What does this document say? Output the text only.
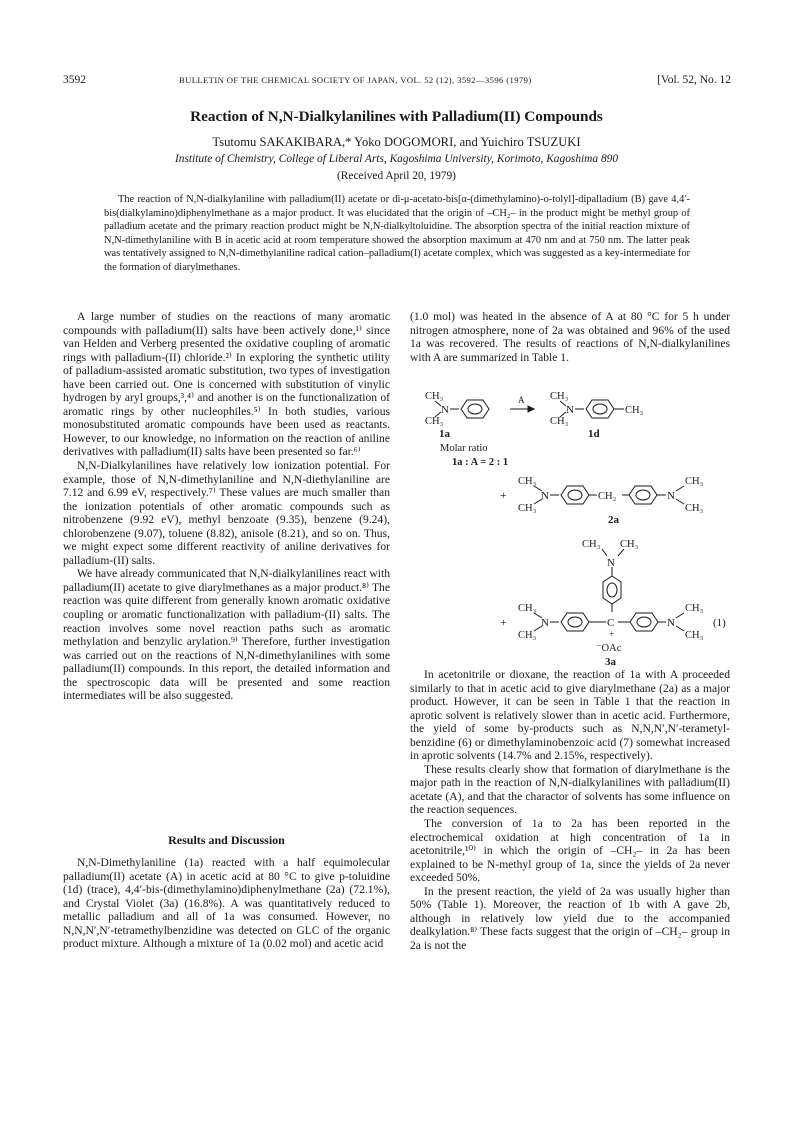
3592	BULLETIN OF THE CHEMICAL SOCIETY OF JAPAN, VOL. 52 (12), 3592—3596 (1979)	[Vol. 52, No. 12
Reaction of N,N-Dialkylanilines with Palladium(II) Compounds
Tsutomu SAKAKIBARA,* Yoko DOGOMORI, and Yuichiro TSUZUKI
Institute of Chemistry, College of Liberal Arts, Kagoshima University, Korimoto, Kagoshima 890
(Received April 20, 1979)
The reaction of N,N-dialkylaniline with palladium(II) acetate or di-μ-acetato-bis[α-(dimethylamino)-o-tolyl]-dipalladium (B) gave 4,4′-bis(dialkylamino)diphenylmethane as a major product. It was elucidated that the origin of –CH₂– in the product might be methyl group of palladium acetate and the primary reaction product might be N,N-dialkyltoluidine. The absorption spectra of the initial reaction mixture of N,N-dimethylaniline with B in acetic acid at room temperature showed the absorption maximum at 470 nm and at 750 nm. The latter peak was tentatively assigned to N,N-dimethylaniline radical cation–palladium(I) acetate complex, which was suggested as a key-intermediate for the formation of diarylmethanes.

A large number of studies on the reactions of many aromatic compounds with palladium(II) salts have been actively done,¹⁾ since van Helden and Verberg presented the oxidative coupling of aromatic rings with palladium-(II) chloride.²⁾ In exploring the synthetic utility of palladium-assisted aromatic substitution, two types of investigation have been carried out. One is concerned with substitution of vinylic hydrogen by aryl groups,³,⁴⁾ and another is on the functionalization of aromatic rings by other nucleophiles.⁵⁾ In both studies, various monosubstituted aromatic compounds have been used as reactants. However, to our knowledge, no information on the reaction of aniline derivatives with palladium(II) salts have been presented so far.⁶⁾

N,N-Dialkylanilines have relatively low ionization potential. For example, those of N,N-dimethylaniline and N,N-diethylaniline are 7.12 and 6.99 eV, respectively.⁷⁾ These values are much smaller than the ionization potentials of other aromatic compounds such as nitrobenzene (9.92 eV), methyl benzoate (9.35), benzene (9.24), chlorobenzene (9.07), toluene (8.82), anisole (8.21), and so on. Thus, we might expect some different reactivity of aniline derivatives for palladium-(II) salts.

We have already communicated that N,N-dialkylanilines react with palladium(II) acetate to give diarylmethanes as a major product.⁸⁾ The reaction was quite different from generally known aromatic oxidative coupling or aromatic functionalization with palladium-(II) salts. The reaction involves some novel reaction paths such as aromatic methylation and benzylic arylation.⁹⁾ Therefore, further investigation was carried out on the reactions of N,N-dimethylanilines with some palladium(II) compounds. In this report, the detailed information and the spectroscopic data will be presented and some reaction intermediates will be also suggested.

Results and Discussion

N,N-Dimethylaniline (1a) reacted with a half equimolecular palladium(II) acetate (A) in acetic acid at 80 °C to give p-toluidine (1d) (trace), 4,4′-bis-(dimethylamino)diphenylmethane (2a) (72.1%), and Crystal Violet (3a) (16.8%). A was quantitatively reduced to metallic palladium and all of 1a was consumed. However, no N,N,N′,N′-tetramethylbenzidine was detected on GLC of the organic product mixture. Although a mixture of 1a (0.02 mol) and acetic acid

(1.0 mol) was heated in the absence of A at 80 °C for 5 h under nitrogen atmosphere, none of 2a was obtained and 96% of the used 1a was recovered. The results of reactions of N,N-dialkylanilines with A are summarized in Table 1.

CH₃
CH₃
N
A CH₃
CH₃
N	CH₃
1a	1d
Molar ratio
1a : A = 2 : 1
+
CH₃
CH₃
N	CH₂	N
CH₃
CH₃
2a
CH₃ CH₃
N
+
CH₃
CH₃
N	C
+
N
CH₃
CH₃
(1)
⁻OAc
3a

In acetonitrile or dioxane, the reaction of 1a with A proceeded similarly to that in acetic acid to give diarylmethane (2a) as a major product. However, it can be seen in Table 1 that the reaction in aprotic solvent is relatively slower than in acetic acid. Furthermore, the yield of some by-products such as N,N,N′,N′-terametyl-benzidine (6) or dimethylaminobenzoic acid (7) somewhat increased in aprotic solvents (14.7% and 2.15%, respectively).

These results clearly show that formation of diarylmethane is the major path in the reaction of N,N-dialkylanilines with palladium(II) acetate (A), and that the charactor of solvents has some influence on the reaction sequences.

The conversion of 1a to 2a has been reported in the electrochemical oxidation at high concentration of 1a in acetonitrile,¹⁰⁾ in which the origin of –CH₂– in 2a has been explained to be N-methyl group of 1a, since the yields of 2a never exceeded 50%.

In the present reaction, the yield of 2a was usually higher than 50% (Table 1). Moreover, the reaction of 1b with A gave 2b, although in relatively low yield due to the accompanied dealkylation.⁸⁾ These facts suggest that the origin of –CH₂– group in 2a is not the
